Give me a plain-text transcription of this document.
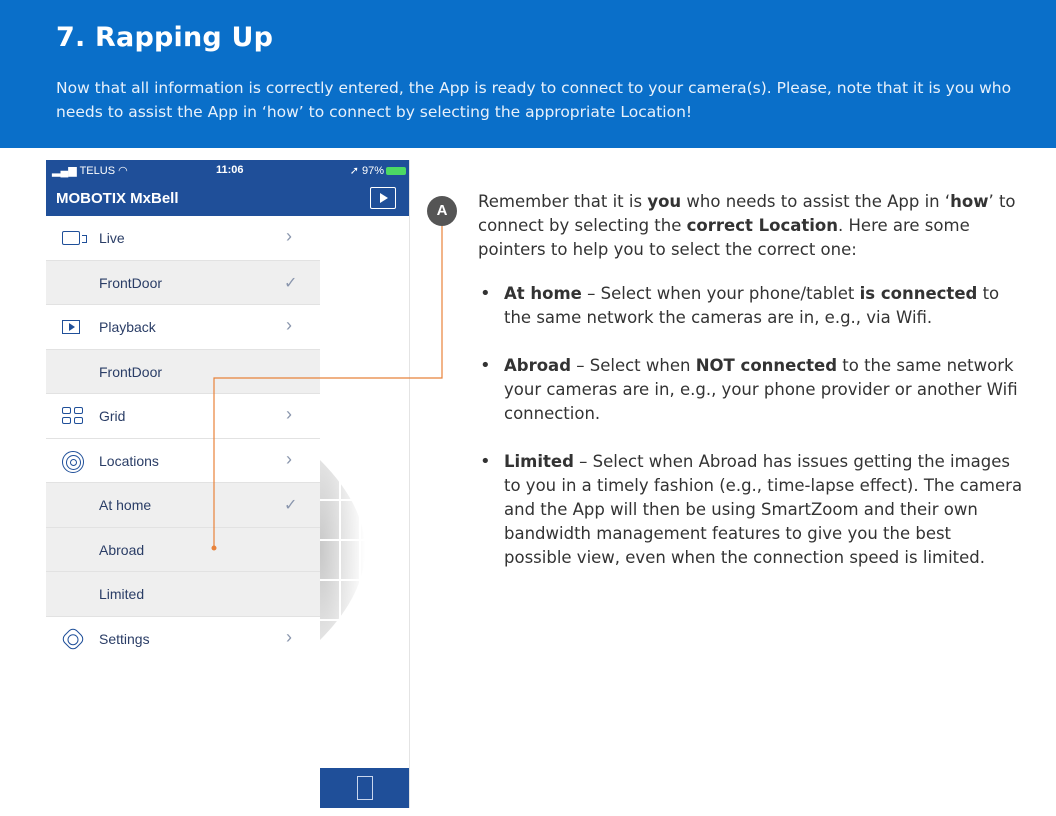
7. Rapping Up

Now that all information is correctly entered, the App is ready to connect to your camera(s). Please, note that it is you who needs to assist the App in ‘how’ to connect by selecting the appropriate Location!

▂▄▆ TELUS ◠	11:06	➚ 97%
MOBOTIX MxBell
Live	›
FrontDoor	✓
Playback	›
FrontDoor
Grid	›
Locations	›
At home	✓
Abroad
Limited
Settings	›
A	Remember that it is you who needs to assist the App in ‘how’ to connect by selecting the correct Location. Here are some pointers to help you to select the correct one:

• At home – Select when your phone/tablet is connected to the same network the cameras are in, e.g., via Wifi.
• Abroad – Select when NOT connected to the same network your cameras are in, e.g., your phone provider or another Wifi connection.
• Limited – Select when Abroad has issues getting the images to you in a timely fashion (e.g., time-lapse effect). The camera and the App will then be using SmartZoom and their own bandwidth management features to give you the best possible view, even when the connection speed is limited.
